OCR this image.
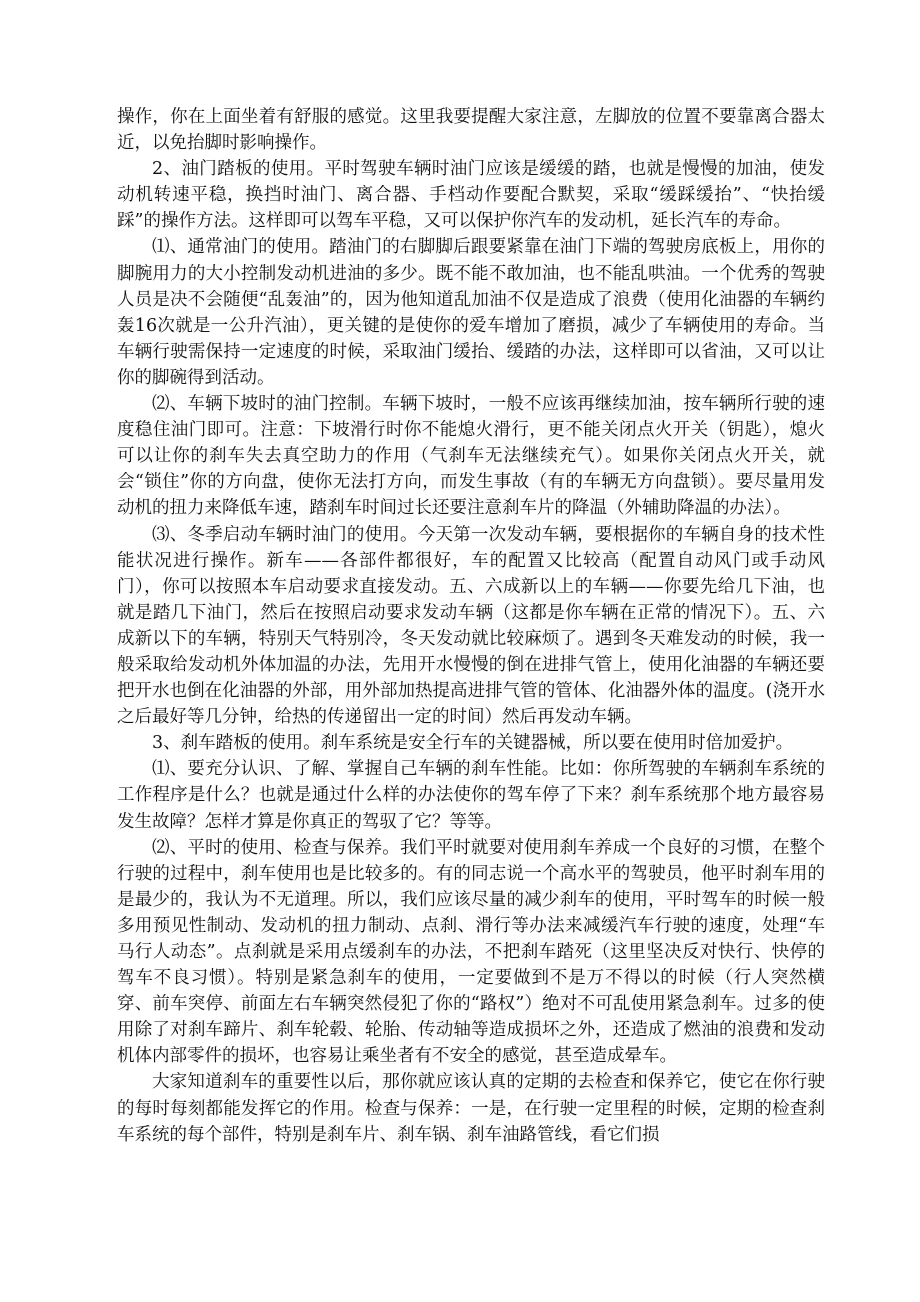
操作，你在上面坐着有舒服的感觉。这里我要提醒大家注意，左脚放的位置不要靠离合器太近，以免抬脚时影响操作。

2、油门踏板的使用。平时驾驶车辆时油门应该是缓缓的踏，也就是慢慢的加油，使发动机转速平稳，换挡时油门、离合器、手档动作要配合默契，采取“缓踩缓抬”、“快抬缓踩”的操作方法。这样即可以驾车平稳，又可以保护你汽车的发动机，延长汽车的寿命。

⑴、通常油门的使用。踏油门的右脚脚后跟要紧靠在油门下端的驾驶房底板上，用你的脚腕用力的大小控制发动机进油的多少。既不能不敢加油，也不能乱哄油。一个优秀的驾驶人员是决不会随便“乱轰油”的，因为他知道乱加油不仅是造成了浪费（使用化油器的车辆约轰16次就是一公升汽油），更关键的是使你的爱车增加了磨损，减少了车辆使用的寿命。当车辆行驶需保持一定速度的时候，采取油门缓抬、缓踏的办法，这样即可以省油，又可以让你的脚碗得到活动。

⑵、车辆下坡时的油门控制。车辆下坡时，一般不应该再继续加油，按车辆所行驶的速度稳住油门即可。注意：下坡滑行时你不能熄火滑行，更不能关闭点火开关（钥匙），熄火可以让你的刹车失去真空助力的作用（气刹车无法继续充气）。如果你关闭点火开关，就会“锁住”你的方向盘，使你无法打方向，而发生事故（有的车辆无方向盘锁）。要尽量用发动机的扭力来降低车速，踏刹车时间过长还要注意刹车片的降温（外辅助降温的办法）。

⑶、冬季启动车辆时油门的使用。今天第一次发动车辆，要根据你的车辆自身的技术性能状况进行操作。新车——各部件都很好，车的配置又比较高（配置自动风门或手动风门），你可以按照本车启动要求直接发动。五、六成新以上的车辆——你要先给几下油，也就是踏几下油门，然后在按照启动要求发动车辆（这都是你车辆在正常的情况下）。五、六成新以下的车辆，特别天气特别冷，冬天发动就比较麻烦了。遇到冬天难发动的时候，我一般采取给发动机外体加温的办法，先用开水慢慢的倒在进排气管上，使用化油器的车辆还要把开水也倒在化油器的外部，用外部加热提高进排气管的管体、化油器外体的温度。(浇开水之后最好等几分钟，给热的传递留出一定的时间）然后再发动车辆。

3、刹车踏板的使用。刹车系统是安全行车的关键器械，所以要在使用时倍加爱护。

⑴、要充分认识、了解、掌握自己车辆的刹车性能。比如：你所驾驶的车辆刹车系统的工作程序是什么？也就是通过什么样的办法使你的驾车停了下来？刹车系统那个地方最容易发生故障？怎样才算是你真正的驾驭了它？等等。

⑵、平时的使用、检查与保养。我们平时就要对使用刹车养成一个良好的习惯，在整个行驶的过程中，刹车使用也是比较多的。有的同志说一个高水平的驾驶员，他平时刹车用的是最少的，我认为不无道理。所以，我们应该尽量的减少刹车的使用，平时驾车的时候一般多用预见性制动、发动机的扭力制动、点刹、滑行等办法来减缓汽车行驶的速度，处理“车马行人动态”。点刹就是采用点缓刹车的办法，不把刹车踏死（这里坚决反对快行、快停的驾车不良习惯）。特别是紧急刹车的使用，一定要做到不是万不得以的时候（行人突然横穿、前车突停、前面左右车辆突然侵犯了你的“路权”）绝对不可乱使用紧急刹车。过多的使用除了对刹车蹄片、刹车轮毂、轮胎、传动轴等造成损坏之外，还造成了燃油的浪费和发动机体内部零件的损坏，也容易让乘坐者有不安全的感觉，甚至造成晕车。

大家知道刹车的重要性以后，那你就应该认真的定期的去检查和保养它，使它在你行驶的每时每刻都能发挥它的作用。检查与保养：一是，在行驶一定里程的时候，定期的检查刹车系统的每个部件，特别是刹车片、刹车锅、刹车油路管线，看它们损
